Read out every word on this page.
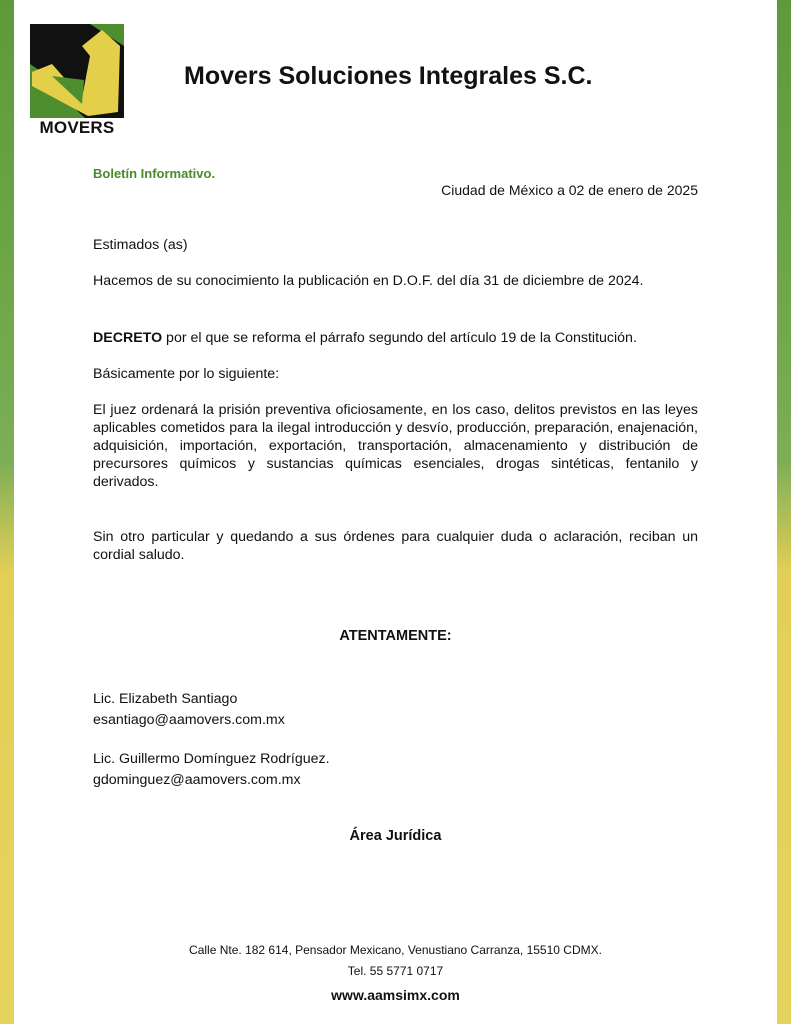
MOVERS
Movers Soluciones Integrales S.C.
Boletín Informativo.
Ciudad de México a 02 de enero de 2025
Estimados (as)
Hacemos de su conocimiento la publicación en D.O.F. del día 31 de diciembre de 2024.
DECRETO por el que se reforma el párrafo segundo del artículo 19 de la Constitución.
Básicamente por lo siguiente:
El juez ordenará la prisión preventiva oficiosamente, en los caso, delitos previstos en las leyes aplicables cometidos para la ilegal introducción y desvío, producción, preparación, enajenación, adquisición, importación, exportación, transportación, almacenamiento y distribución de precursores químicos y sustancias químicas esenciales, drogas sintéticas, fentanilo y derivados.
Sin otro particular y quedando a sus órdenes para cualquier duda o aclaración, reciban un cordial saludo.
ATENTAMENTE:
Lic. Elizabeth Santiago
esantiago@aamovers.com.mx
Lic. Guillermo Domínguez Rodríguez.
gdominguez@aamovers.com.mx
Área Jurídica
Calle Nte. 182 614, Pensador Mexicano, Venustiano Carranza, 15510 CDMX.
Tel. 55 5771 0717
www.aamsimx.com
